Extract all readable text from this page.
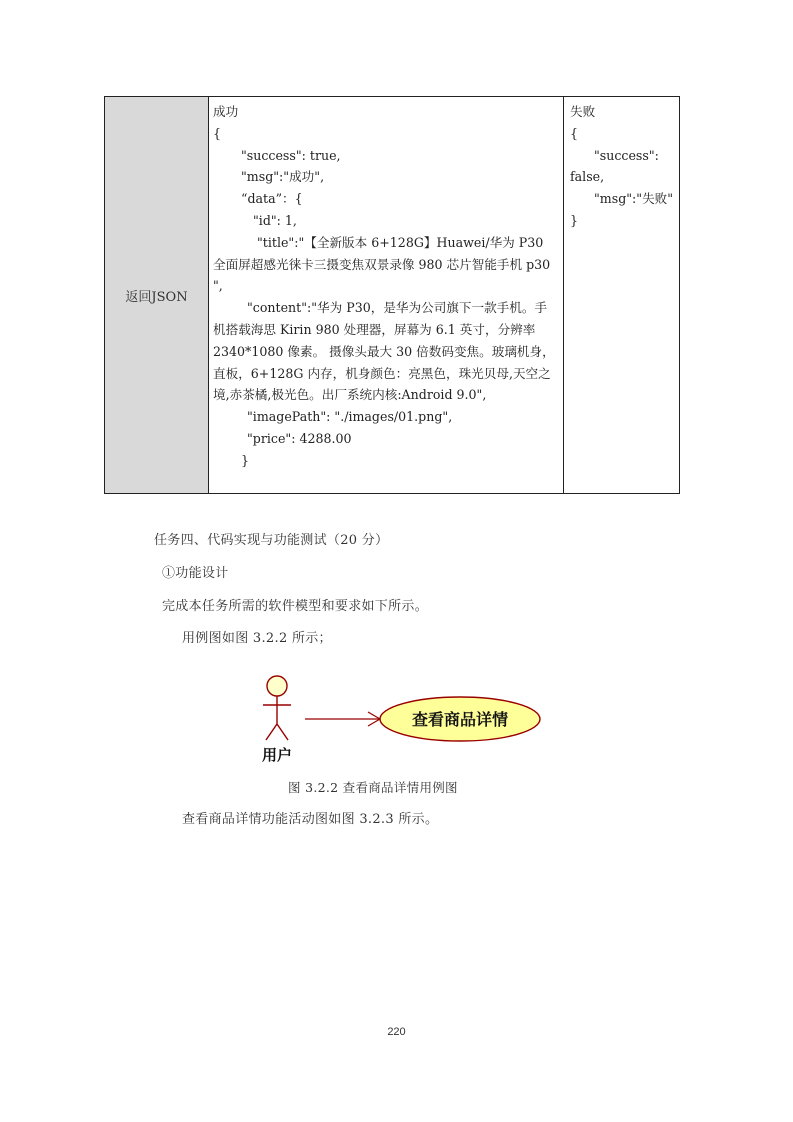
返回JSON
成功
{
"success": true,
"msg":"成功",
“data”：{
"id": 1,
"title":"【全新版本 6+128G】Huawei/华为 P30 全面屏超感光徕卡三摄变焦双景录像 980 芯片智能手机 p30 ",
"content":"华为 P30，是华为公司旗下一款手机。手机搭载海思 Kirin 980 处理器，屏幕为 6.1 英寸，分辨率 2340*1080 像素。 摄像头最大 30 倍数码变焦。玻璃机身，直板，6+128G 内存，机身颜色：亮黑色，珠光贝母,天空之境,赤茶橘,极光色。出厂系统内核:Android 9.0",
"imagePath": "./images/01.png",
"price": 4288.00
}
失败
{
"success":
false,
"msg":"失败"
}
任务四、代码实现与功能测试（20 分）
①功能设计
完成本任务所需的软件模型和要求如下所示。
用例图如图 3.2.2 所示；
查看商品详情
用户
图 3.2.2 查看商品详情用例图
查看商品详情功能活动图如图 3.2.3 所示。
220
